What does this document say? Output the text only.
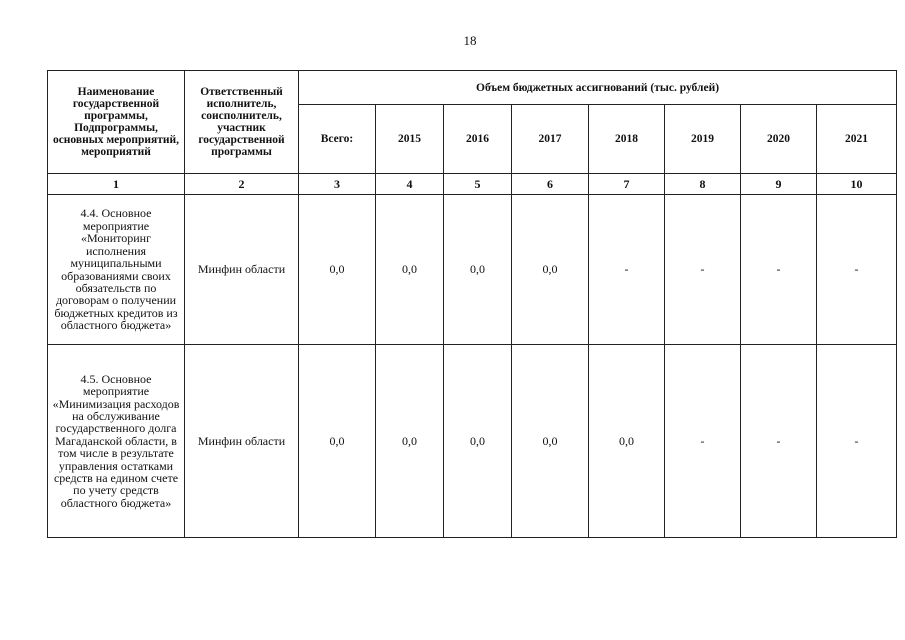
18
Наименование государственной программы, Подпрограммы, основных мероприятий, мероприятий	Ответственный исполнитель, соисполнитель, участник государственной программы	Объем бюджетных ассигнований (тыс. рублей)							
		Всего:	2015	2016	2017	2018	2019	2020	2021
1	2	3	4	5	6	7	8	9	10
4.4. Основное мероприятие «Мониторинг исполнения муниципальными образованиями своих обязательств по договорам о получении бюджетных кредитов из областного бюджета»	Минфин области	0,0	0,0	0,0	0,0	-	-	-	-
4.5. Основное мероприятие «Минимизация расходов на обслуживание государственного долга Магаданской области, в том числе в результате управления остатками средств на едином счете по учету средств областного бюджета»	Минфин области	0,0	0,0	0,0	0,0	0,0	-	-	-
